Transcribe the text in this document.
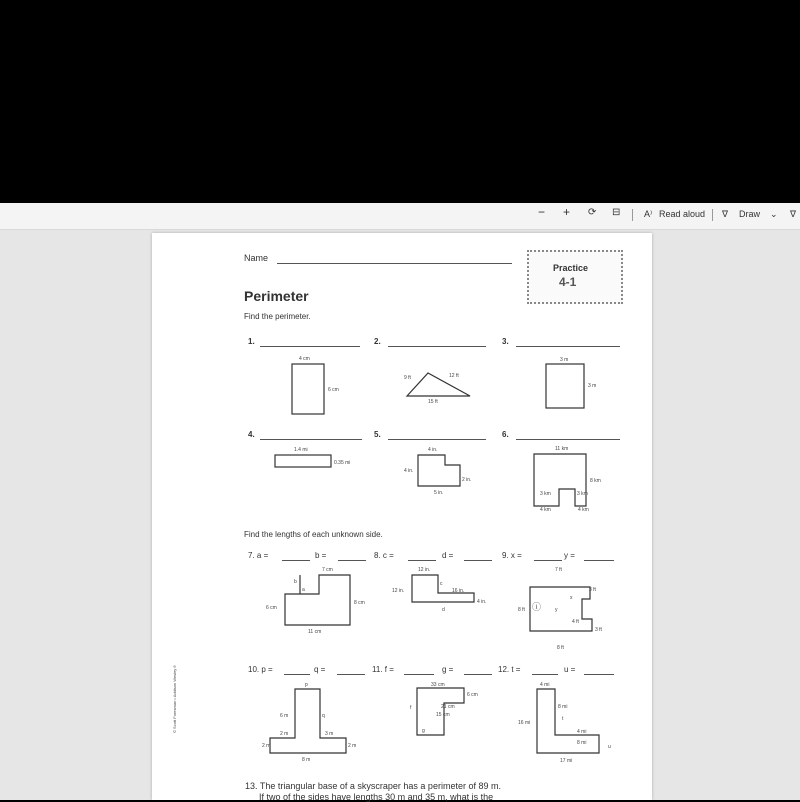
− + ⟳ ⊟	A⁾ Read aloud ∇ Draw ⌄ ∇
Name
Practice
4-1
Perimeter
Find the perimeter.
1.	2.	3.
4.	5.	6.
4 cm
6 cm
9 ft	12 ft
15 ft
3 m
3 m
1.4 mi
0.35 mi
4 in.
4 in.
2 in.
5 in.
11 km
8 km
3 km	3 km
4 km	4 km
Find the lengths of each unknown side.
7. a =	b =	8. c =	d =	9. x =	y =
7 cm
b
a
6 cm
8 cm
11 cm
12 in.
c
16 in.
12 in.
4 in.
d
7 ft
3 ft
x
y
8 ft
4 ft
3 ft
8 ft
ⓘ
10. p =	q =	11. f =	g =	12. t =	u =
p
6 m	q
2 m	3 m
2 m	2 m
8 m
33 cm
6 cm
f	21 cm
15 cm
g
4 mi
8 mi
t
16 mi
4 mi
8 mi
u
17 mi
© Scott Foresman • Addison Wesley 6
13. The triangular base of a skyscraper has a perimeter of 89 m.
If two of the sides have lengths 30 m and 35 m, what is the
